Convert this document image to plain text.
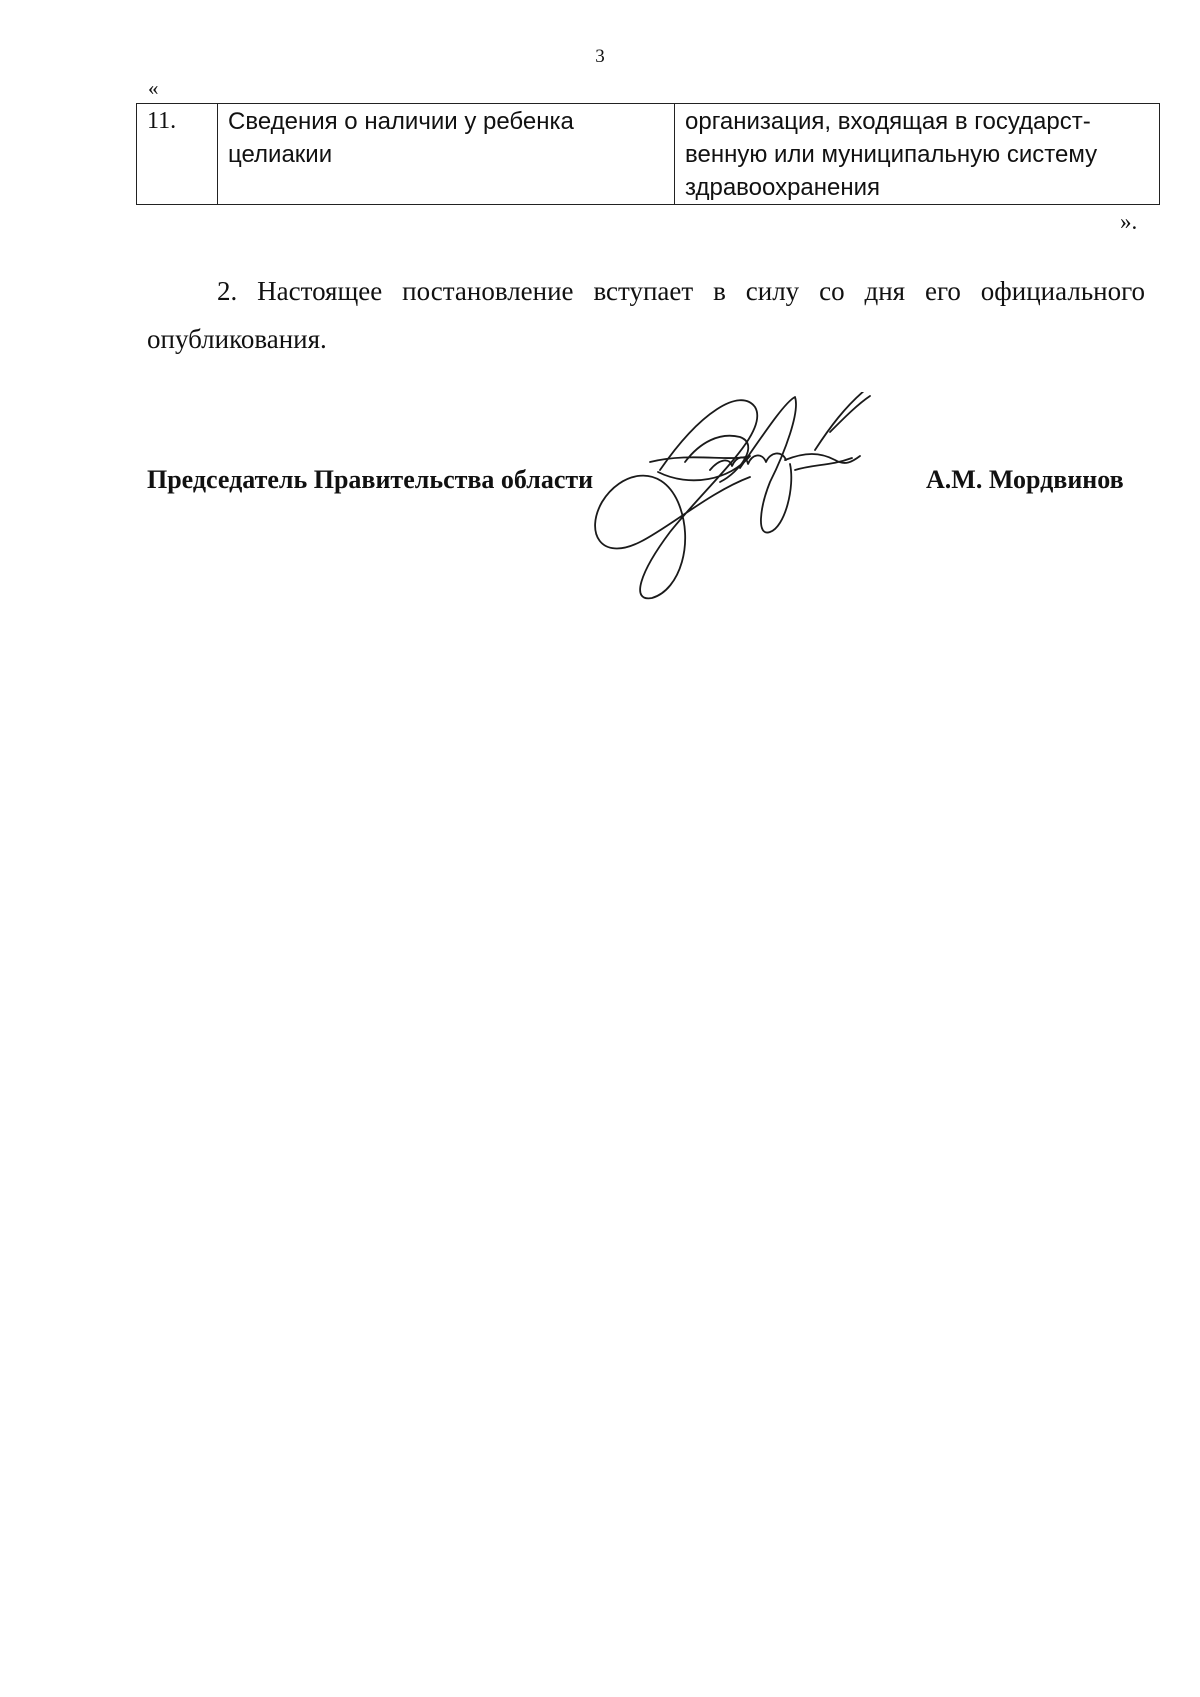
3
«
11.	Сведения о наличии у ребенка целиакии	организация, входящая в государст-венную или муниципальную систему здравоохранения
».

2. Настоящее постановление вступает в силу со дня его официального опубликования.

Председатель Правительства области	А.М. Мордвинов
